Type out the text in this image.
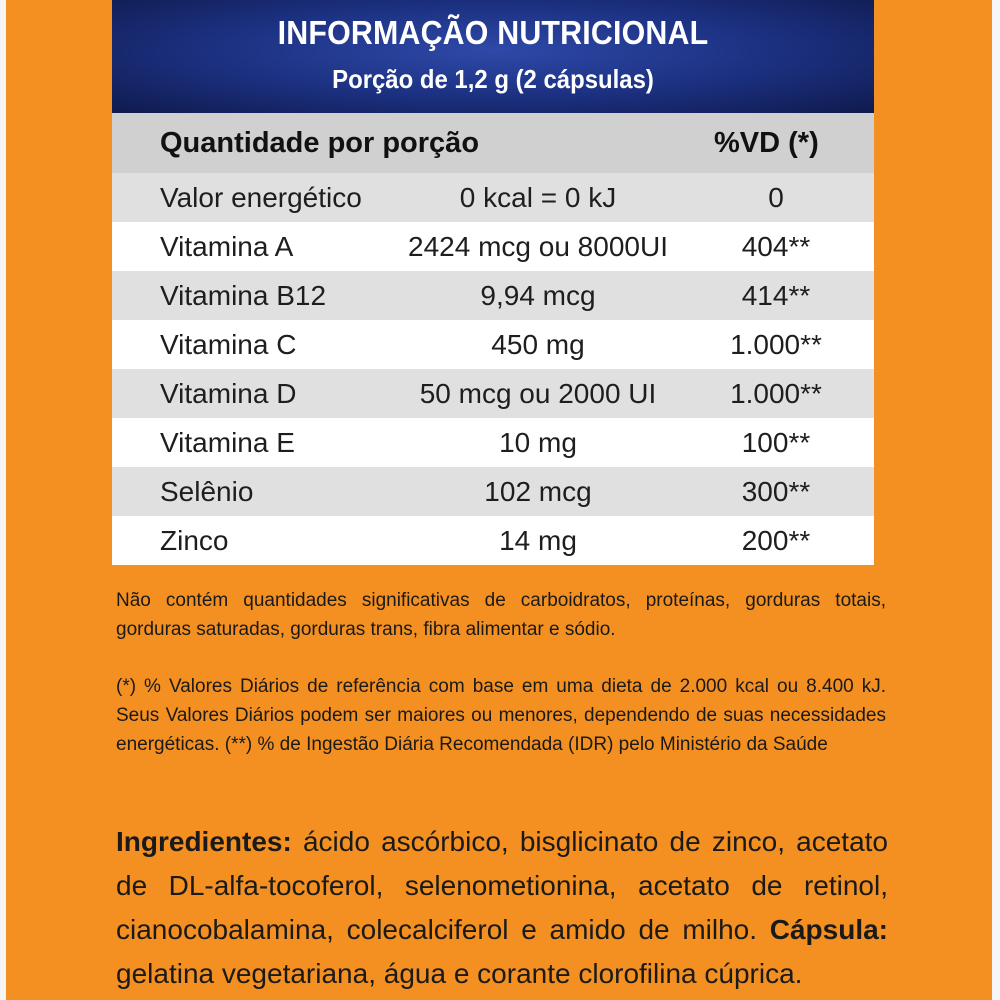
INFORMAÇÃO NUTRICIONAL
Porção de 1,2 g (2 cápsulas)
Quantidade por porção	%VD (*)
Valor energético	0 kcal = 0 kJ	0
Vitamina A	2424 mcg ou 8000UI	404**
Vitamina B12	9,94 mcg	414**
Vitamina C	450 mg	1.000**
Vitamina D	50 mcg ou 2000 UI	1.000**
Vitamina E	10 mg	100**
Selênio	102 mcg	300**
Zinco	14 mg	200**
Não contém quantidades significativas de carboidratos, proteínas, gorduras totais, gorduras saturadas, gorduras trans, fibra alimentar e sódio.
(*) % Valores Diários de referência com base em uma dieta de 2.000 kcal ou 8.400 kJ. Seus Valores Diários podem ser maiores ou menores, dependendo de suas necessidades energéticas. (**) % de Ingestão Diária Recomendada (IDR) pelo Ministério da Saúde
Ingredientes: ácido ascórbico, bisglicinato de zinco, acetato de DL-alfa-tocoferol, selenometionina, acetato de retinol, cianocobalamina, colecalciferol e amido de milho. Cápsula: gelatina vegetariana, água e corante clorofilina cúprica.
